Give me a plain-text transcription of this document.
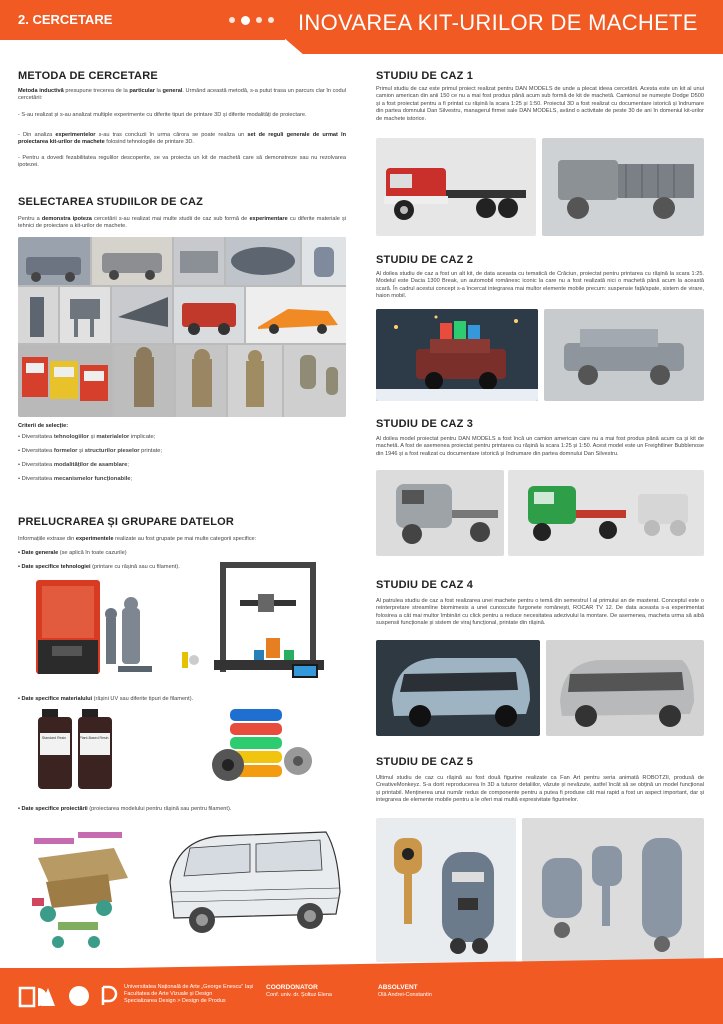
2. CERCETARE	INOVAREA KIT-URILOR DE MACHETE
METODA DE CERCETARE
Metoda inductivă presupune trecerea de la particular la general. Urmând această metodă, s-a putut trasa un parcurs clar în codul cercetării:
- S-au realizat și s-au analizat multiple experimente cu diferite tipuri de printare 3D și diferite modalități de proiectare.
- Din analiza experimentelor s-au tras concluzii în urma cărora se poate realiza un set de reguli generale de urmat în proiectarea kit-urilor de machete folosind tehnologiile de printare 3D.
- Pentru a dovedi fezabilitatea regulilor descoperite, se va proiecta un kit de machetă care să demonstreze sau nu rezolvarea ipotezei.
SELECTAREA STUDIILOR DE CAZ
Pentru a demonstra ipoteza cercetării s-au realizat mai multe studii de caz sub formă de experimentare cu diferite materiale și tehnici de proiectare a kit-urilor de machete.
Criterii de selecție:
• Diversitatea tehnologiilor și materialelor implicate;
• Diversitatea formelor și structurilor pieselor printate;
• Diversitatea modalităților de asamblare;
• Diversitatea mecanismelor funcționabile;
PRELUCRAREA ȘI GRUPARE DATELOR
Informațiile extrase din experimentele realizate au fost grupate pe mai multe categorii specifice:
• Date generale (se aplică în toate cazurile)
• Date specifice tehnologiei (printare cu rășină sau cu filament).
• Date specifice materialului (rășini UV sau diferite tipuri de filament).
Standard Resin	Plant-Based Resin
• Date specifice proiectării (proiectarea modelului pentru rășină sau pentru filament).
STUDIU DE CAZ 1
Primul studiu de caz este primul proiect realizat pentru DAN MODELS de unde a plecat ideea cercetării. Acesta este un kit al unui camion american din anii 150 ce nu a mai fost produs până acum sub formă de kit de machetă. Camionul se numește Dodge D500 și a fost proiectat pentru a fi printat cu rășină la scara 1:25 și 1:50. Proiectul 3D a fost realizat cu documentare istorică și îndrumare din partea domnului Dan Silvestru, managerul firmei sale DAN MODELS, având o activitate de peste 30 de ani în domeniul kit-urilor de machete istorice.
STUDIU DE CAZ 2
Al doilea studiu de caz a fost un alt kit, de data aceasta cu tematică de Crăciun, proiectat pentru printarea cu rășină la scara 1:25. Modelul este Dacia 1300 Break, un automobil românesc iconic la care nu a fost realizată nici o machetă până acum la această scară. În cadrul acestui concept s-a încercat integrarea mai multor elemente mobile precum: suspensie față/spate, sistem de virare, haion mobil.
STUDIU DE CAZ 3
Al doilea model proiectat pentru DAN MODELS a fost încă un camion american care nu a mai fost produs până acum ca și kit de machetă. A fost de asemenea proiectat pentru printarea cu rășină la scara 1:25 și 1:50. Acest model este un Freightliner Bubblenose din 1946 și a fost realizat cu documentare istorică și îndrumare din partea domnului Dan Silvestru.
STUDIU DE CAZ 4
Al patrulea studiu de caz a fost realizarea unei machete pentru o temă din semestrul I al primului an de masterat. Conceptul este o reinterpretare streamline biomimesis a unei cunoscute furgonete românești, ROCAR TV 12. De data aceasta s-a experimentat folosirea a cât mai multor îmbinări cu click pentru a reduce necesitatea adezivului la montare. De asemenea, macheta urma să aibă suspensii funcționale și sistem de viraj funcțional, printate din rășină.
STUDIU DE CAZ 5
Ultimul studiu de caz cu rășină au fost două figurine realizate ca Fan Art pentru seria animată ROBOTZII, produsă de CreativeMonkeyz. S-a dorit reproducerea în 3D a tuturor detaliilor, văzute și nevăzute, astfel încât să se obțină un model funcțional și printabil. Menținerea unui număr redus de componente pentru a putea fi produse cât mai rapid a fost un aspect important, dar și integrarea de elemente mobile pentru a le oferi mai multă expresivitate figurinelor.
Universitatea Națională de Arte „George Enescu” Iași
Facultatea de Arte Vizuale și Design
Specializarea Design > Design de Produs
COORDONATOR
Conf. univ. dr. Șoltuz Elena
ABSOLVENT
Olă Andrei-Constantin
